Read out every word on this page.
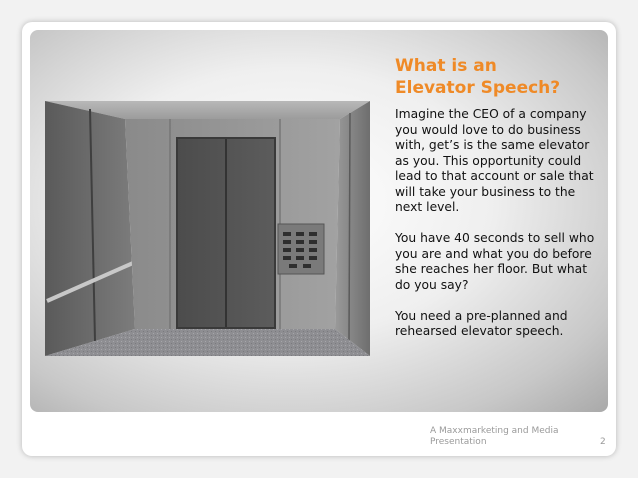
What is an
Elevator Speech?

Imagine the CEO of a company you would love to do business with, get’s is the same elevator as you. This opportunity could lead to that account or sale that will take your business to the next level.

You have 40 seconds to sell who you are and what you do before she reaches her floor. But what do you say?

You need a pre-planned and rehearsed elevator speech.

A Maxxmarketing and Media Presentation	2
